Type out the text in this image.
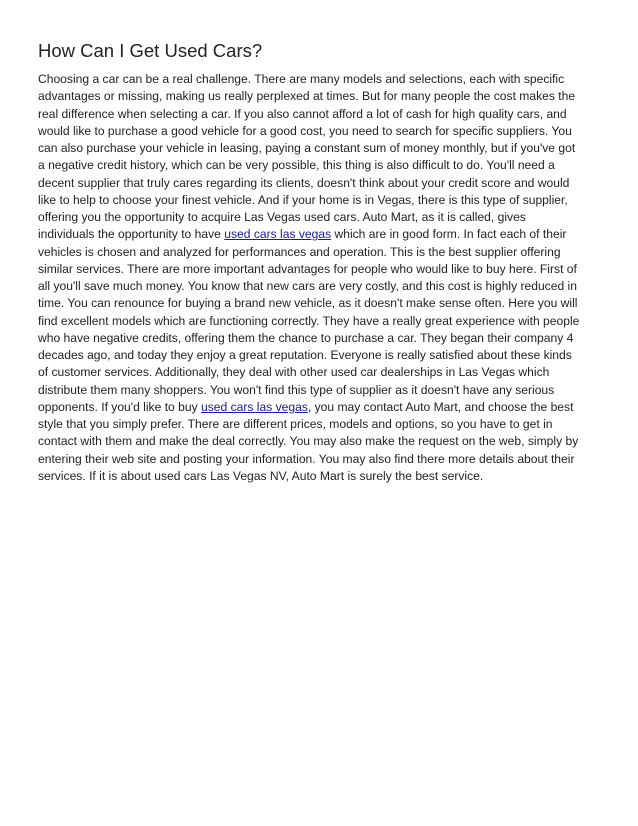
How Can I Get Used Cars?
Choosing a car can be a real challenge. There are many models and selections, each with specific
advantages or missing, making us really perplexed at times. But for many people the cost makes the
real difference when selecting a car. If you also cannot afford a lot of cash for high quality cars, and
would like to purchase a good vehicle for a good cost, you need to search for specific suppliers. You
can also purchase your vehicle in leasing, paying a constant sum of money monthly, but if you've got
a negative credit history, which can be very possible, this thing is also difficult to do. You'll need a
decent supplier that truly cares regarding its clients, doesn't think about your credit score and would
like to help to choose your finest vehicle. And if your home is in Vegas, there is this type of supplier,
offering you the opportunity to acquire Las Vegas used cars. Auto Mart, as it is called, gives
individuals the opportunity to have used cars las vegas which are in good form. In fact each of their
vehicles is chosen and analyzed for performances and operation. This is the best supplier offering
similar services. There are more important advantages for people who would like to buy here. First of
all you'll save much money. You know that new cars are very costly, and this cost is highly reduced in
time. You can renounce for buying a brand new vehicle, as it doesn't make sense often. Here you will
find excellent models which are functioning correctly. They have a really great experience with people
who have negative credits, offering them the chance to purchase a car. They began their company 4
decades ago, and today they enjoy a great reputation. Everyone is really satisfied about these kinds
of customer services. Additionally, they deal with other used car dealerships in Las Vegas which
distribute them many shoppers. You won't find this type of supplier as it doesn't have any serious
opponents. If you'd like to buy used cars las vegas, you may contact Auto Mart, and choose the best
style that you simply prefer. There are different prices, models and options, so you have to get in
contact with them and make the deal correctly. You may also make the request on the web, simply by
entering their web site and posting your information. You may also find there more details about their
services. If it is about used cars Las Vegas NV, Auto Mart is surely the best service.
